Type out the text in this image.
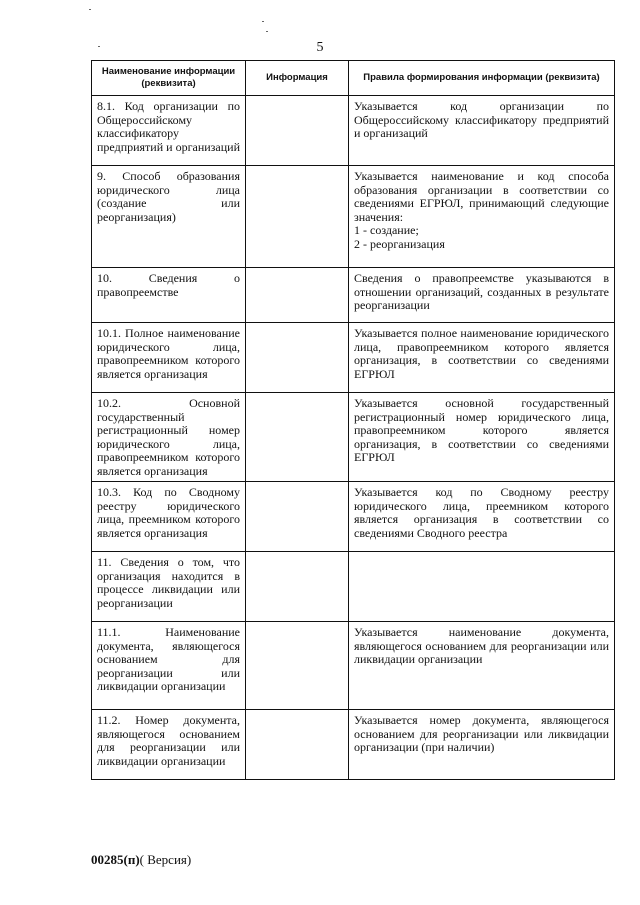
5
Наименование информации (реквизита)	Информация	Правила формирования информации (реквизита)
8.1. Код организации по Общероссийскому классификатору предприятий и организаций		Указывается код организации по Общероссийскому классификатору предприятий и организаций
9. Способ образования юридического лица (создание или реорганизация)		Указывается наименование и код способа образования организации в соответствии со сведениями ЕГРЮЛ, принимающий следующие значения:
1 - создание;
2 - реорганизация
10. Сведения о правопреемстве		Сведения о правопреемстве указываются в отношении организаций, созданных в результате реорганизации
10.1. Полное наименование юридического лица, правопреемником которого является организация		Указывается полное наименование юридического лица, правопреемником которого является организация, в соответствии со сведениями ЕГРЮЛ
10.2. Основной государственный регистрационный номер юридического лица, правопреемником которого является организация		Указывается основной государственный регистрационный номер юридического лица, правопреемником которого является организация, в соответствии со сведениями ЕГРЮЛ
10.3. Код по Сводному реестру юридического лица, преемником которого является организация		Указывается код по Сводному реестру юридического лица, преемником которого является организация в соответствии со сведениями Сводного реестра
11. Сведения о том, что организация находится в процессе ликвидации или реорганизации		
11.1. Наименование документа, являющегося основанием для реорганизации или ликвидации организации		Указывается наименование документа, являющегося основанием для реорганизации или ликвидации организации
11.2. Номер документа, являющегося основанием для реорганизации или ликвидации организации		Указывается номер документа, являющегося основанием для реорганизации или ликвидации организации (при наличии)
00285(п)( Версия)
